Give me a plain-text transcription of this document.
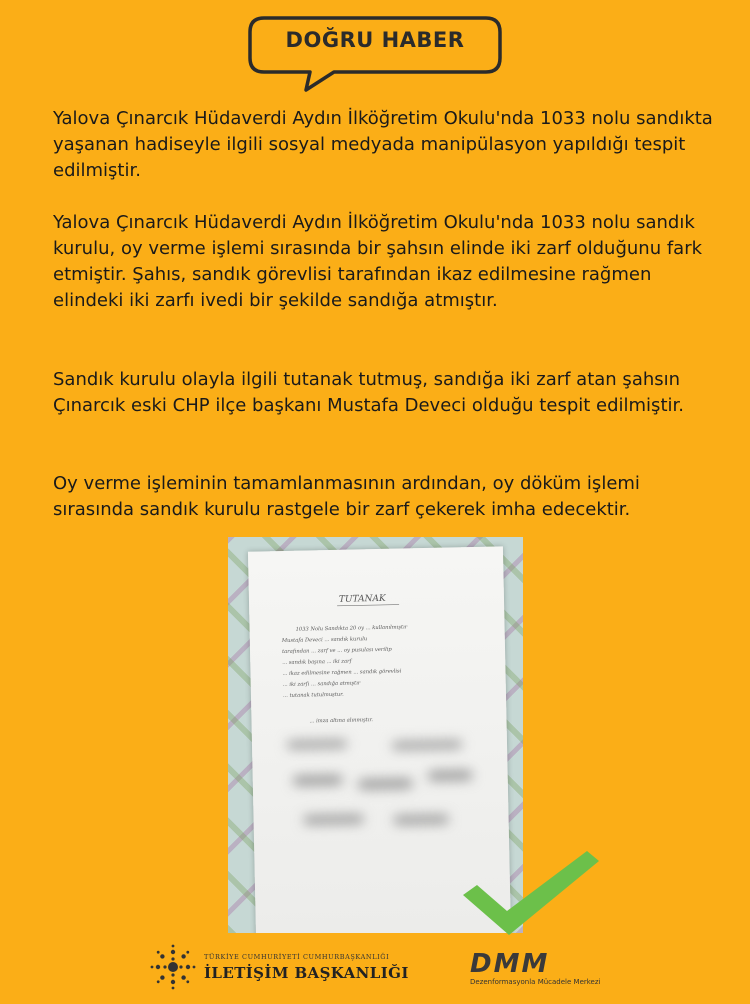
DOĞRU HABER

Yalova Çınarcık Hüdaverdi Aydın İlköğretim Okulu'nda 1033 nolu sandıkta yaşanan hadiseyle ilgili sosyal medyada manipülasyon yapıldığı tespit edilmiştir.

Yalova Çınarcık Hüdaverdi Aydın İlköğretim Okulu'nda 1033 nolu sandık kurulu, oy verme işlemi sırasında bir şahsın elinde iki zarf olduğunu fark etmiştir. Şahıs, sandık görevlisi tarafından ikaz edilmesine rağmen elindeki iki zarfı ivedi bir şekilde sandığa atmıştır.

Sandık kurulu olayla ilgili tutanak tutmuş, sandığa iki zarf atan şahsın Çınarcık eski CHP ilçe başkanı Mustafa Deveci olduğu tespit edilmiştir.

Oy verme işleminin tamamlanmasının ardından, oy döküm işlemi sırasında sandık kurulu rastgele bir zarf çekerek imha edecektir.

TUTANAK
1033 Nolu Sandıkta 20 oy ... kullanılmıştır
Mustafa Deveci ... sandık kurulu
tarafından ... zarf ve ... oy pusulası verilip
... sandık başına ... iki zarf
... ikaz edilmesine rağmen ... sandık görevlisi
... iki zarfı ... sandığa atmıştır
... tutanak tutulmuştur.
... imza altına alınmıştır.
TÜRKİYE CUMHURİYETİ CUMHURBAŞKANLIĞI
İLETİŞİM BAŞKANLIĞI DMM
Dezenformasyonla Mücadele Merkezi
